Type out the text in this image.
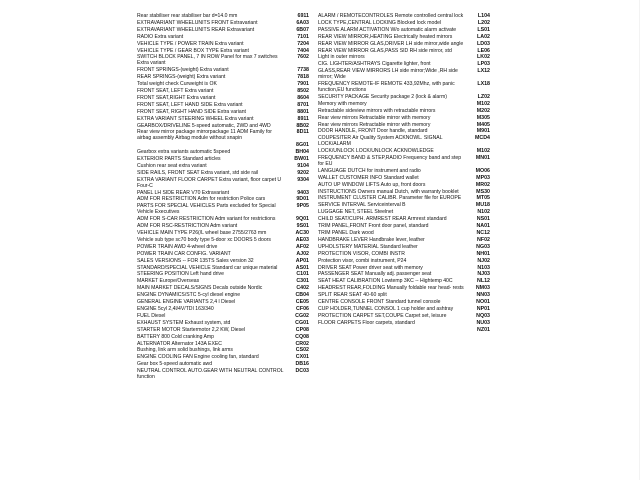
Rear stabiliser rear stabiliser bar d=14.0 mm	6911
EXTRAVARIANT WHEELUNITS FRONT Extravariant	6A03
EXTRAVARIANT WHEELUNITS REAR Extravariant	6B07
RADIO Extra variant	7101
VEHICLE TYPE / POWER TRAIN Extra variant	7204
VEHICLE TYPE / GEAR BOX TYPE Extra variant	7404
SWITCH BLOCK PANEL, 7 IN ROW Panel for max 7 switches Extra variant
7602
FRONT SPRINGS-(weight) Extra variant	7738
REAR SPRINGS-(weight) Extra variant	7818
Total weight check Curweight is OK	7901
FRONT SEAT, LEFT Extra variant	8502
FRONT SEAT,RIGHT Extra variant	8604
FRONT SEAT, LEFT HAND SIDE Extra variant	8701
FRONT SEAT, RIGHT HAND SIDE Extra variant	8801
EXTRA VARIANT STEERING WHEEL Extra variant	8911
GEARBOX/DRIVELINE 5-speed automatic, 2WD and 4WD	8B02
Rear view mirror package mirrorpackage 11 ADM Family for airbag assembly Airbag module without snapin
8D11
8G01
Gearbox extra variants automatic 5speed	BH04
EXTERIOR PARTS Standard articles	BW01
Cushion rear seat extra variant	9104
SIDE RAILS, FRONT SEAT Extra variant, std side rail	9202
EXTRA VARIANT FLOOR CARPET Extra variant, floor carpet U Four-C
9304
PANEL LH SIDE REAR V70 Extravariant	9403
ADM FOR RESTRICTION Adm for restriction Police cars	9D01
PARTS FOR SPECIAL VEHICLES Parts excluded for Special Vehicle Executives
9P05
ADM FOR S-CAR RESTRICTION Adm variant for restrictions	9Q01
ADM FOR RSC-RESTRICTION Adm variant	9S01
VEHICLE MAIN TYPE P26(/L wheel base 2755/2763 mm	AC30
Vehicle sub type sc70 body type 5-door xc DOORS 5 doors	AE03
POWER TRAIN AWD 4-wheel drive	AF02
POWER TRAIN CAR CONFIG. VARIANT	AJ02
SALES VERSIONS -- FOR 135TS Sales version 32	AP01
STANDARD/SPECIAL VEHICLE Standard car unique material	AS01
STEERING POSITION Left hand drive	C101
MARKET Europe/Overseas	C301
MAIN MARKET DECALS/SIGNS Decals outside Nordic	C402
ENGINE DYNAMICS/STC 5-cyl diesel engine	CB04
GENERAL ENGINE VARIANTS 2,4 l Diesel	CE05
ENGINE 5cyl 2,4l/4V/TDI 163/340	CF06
FUEL Diesel	CG02
EXHAUST SYSTEM Exhaust system, std	CG01
STARTER MOTOR Startermotor 2,2 KW, Diesel	CP08
BATTERY 800 Cold cranking Amp	CQ08
ALTERNATOR Alternator 143A EXEC	CR02
Bushing, link arm solid bushings, link arms	CS02
ENGINE COOLING FAN Engine cooling fan, standard	CX01
Gear box 5-speed automatic awd	DB16
NEUTRAL CONTROL AUTO.GEAR WITH NEUTRAL CONTROL function
DC03
ALARM / REMOTECONTROLES Remote controlled central lock	L104
LOCK TYPE,CENTRAL LOCKING Blocked lock model	L202
PASSIVE ALARM ACTIVATION W/o automatic alarm activate	LS01
REAR VIEW MIRROR,HEATING Electrically heated mirrors	LA02
REAR VIEW MIRROR GLAS,DRIVER LH side mirror,wide angle	LD03
REAR VIEW MIRROR GLAS,PASS SID RH side mirror, std	LE06
Light in outer mirrors	LK02
CIG. LIGHTER/ASHTRAYS Cigarette lighter, front	LP03
GLASS,REAR VIEW MIRRORS LH side mirror;Wide ,RH side mirror; Wide
LX12
FREQUENCY REMOTE-IF REMOTE 433,92Mhz, with panic function,EU functions
LX18
SECURITY PACKAGE Security package 2 (lock & alarm)	LZ02
Memory with memory	M102
Retractable sideview mirrors with retractable mirrors	M202
Rear view mirrors Retractable mirror with memory	M305
Rear view mirrors Retractable mirror with memory	M405
DOOR HANDLE, FRONT Door handle, standard	M901
COUPESITER Air Quality System ACKNOWL. SIGNAL LOCK/ALARM
MCD4
LOCK/UNLOCK LOCK/UNLOCK ACKNOWLEDGE	M102
FREQUENCY BAND & STEP,RADIO Frequency band and step for EU
MN01
LANGUAGE DUTCH for instrument and radio	MO06
WALLET CUSTOMER INFO Standard wallet	MP03
AUTO UP WINDOW LIFTS Auto up, front doors	MR02
INSTRUCTIONS Owners manual Dutch, with warranty booklet	MS30
INSTRUMENT CLUSTER CALIBR. Parameter file for EUROPE	MT05
SERVICE INTERVAL Serviceinterval B	MU18
LUGGAGE NET, STEEL Steelnet	N102
CHILD SEAT/CUPH. ARMREST REAR Armrest standard	NS01
TRIM PANEL,FRONT Front door panel, standard	NA01
TRIM PANEL Dark wood	NC12
HANDBRAKE LEVER Handbrake lever, leather	NF02
UPHOLSTERY MATERIAL Standard leather	NG03
PROTECTION VISOR, COMBI INSTR	NH01
Protection visor, combi instrument, P24	NJ02
DRIVER SEAT Power driver seat with memory	N103
PASSENGER SEAT Manually adj. passenger seat	NJ03
SEAT HEAT CALIBRATION Lowtemp 3KC -- Hightemp 40C	NL12
HEADREST REAR,FOLDING Manually foldable rear head- rests	NM03
SPLIT REAR SEAT 40-60 split	NN03
CENTRE CONSOLE FRONT Standard tunnel console	NO01
CUP HOLDER,TUNNEL CONSOL 1 cup holder and ashtray	NP01
PROTECTION CARPET SET,COUPE Carpet set, leisure	NQ03
FLOOR CARPETS Floor carpets, standard	NU03
NZ01
